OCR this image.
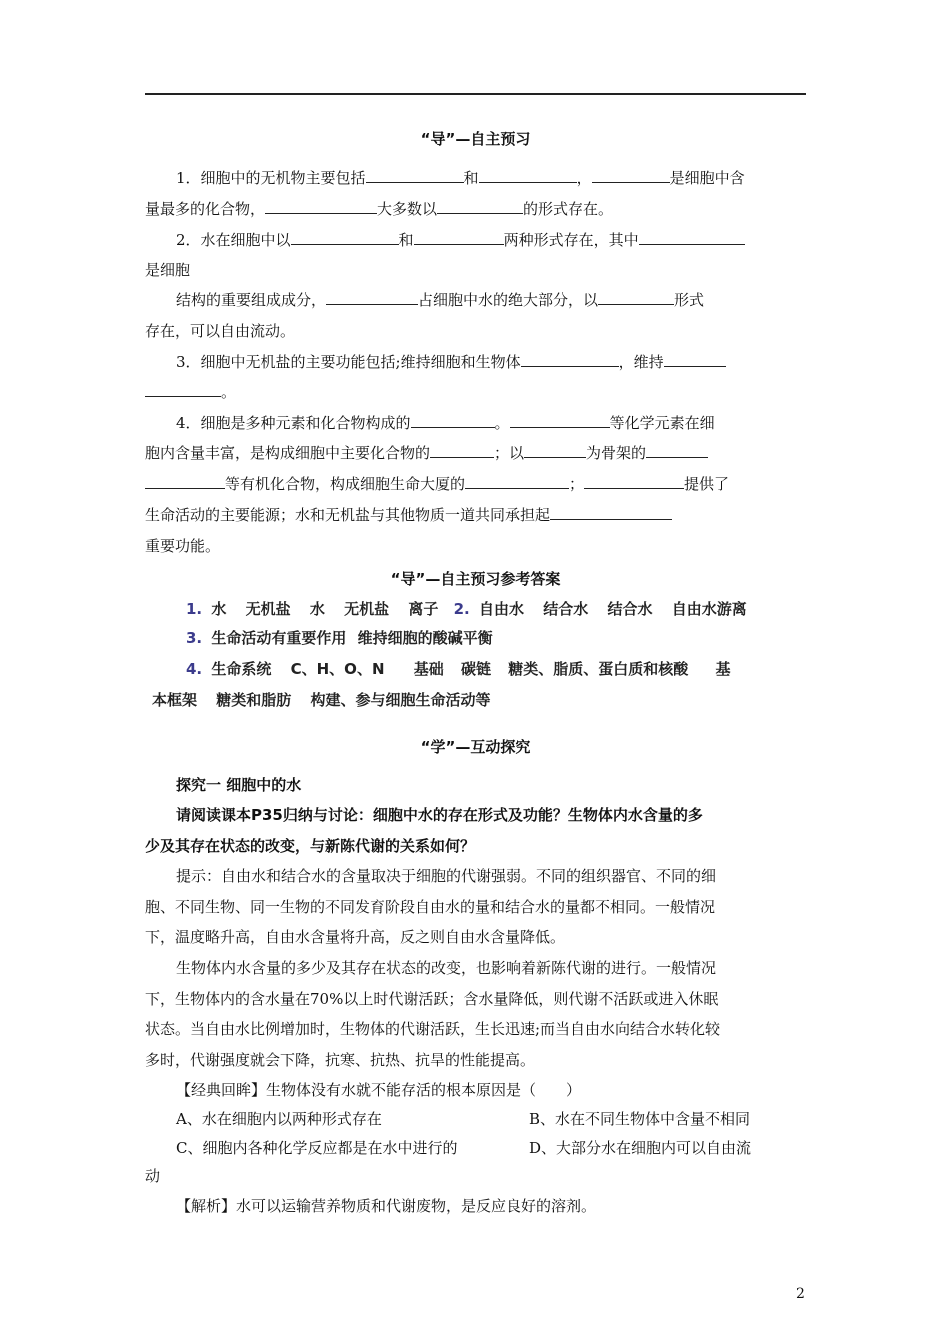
“导”—自主预习
1．细胞中的无机物主要包括	和	，	是细胞中含
量最多的化合物，	大多数以	的形式存在。
2．水在细胞中以	和	两种形式存在，其中
是细胞
结构的重要组成成分，	占细胞中水的绝大部分，以	形式
存在，可以自由流动。
3．细胞中无机盐的主要功能包括;维持细胞和生物体	，维持
。
4．细胞是多种元素和化合物构成的	。	等化学元素在细
胞内含量丰富，是构成细胞中主要化合物的	；以	为骨架的
等有机化合物，构成细胞生命大厦的	；	提供了
生命活动的主要能源；水和无机盐与其他物质一道共同承担起
重要功能。
“导”—自主预习参考答案
1. 水 无机盐 水 无机盐 离子 2. 自由水 结合水 结合水 自由水游离
3. 生命活动有重要作用 维持细胞的酸碱平衡
4. 生命系统 C、H、O、N 基础 碳链 糖类、脂质、蛋白质和核酸 基
本框架 糖类和脂肪 构建、参与细胞生命活动等
“学”—互动探究
探究一 细胞中的水
请阅读课本P35归纳与讨论：细胞中水的存在形式及功能？生物体内水含量的多
少及其存在状态的改变，与新陈代谢的关系如何？
提示：自由水和结合水的含量取决于细胞的代谢强弱。不同的组织器官、不同的细
胞、不同生物、同一生物的不同发育阶段自由水的量和结合水的量都不相同。一般情况
下，温度略升高，自由水含量将升高，反之则自由水含量降低。
生物体内水含量的多少及其存在状态的改变，也影响着新陈代谢的进行。一般情况
下，生物体内的含水量在70%以上时代谢活跃；含水量降低，则代谢不活跃或进入休眠
状态。当自由水比例增加时，生物体的代谢活跃，生长迅速;而当自由水向结合水转化较
多时，代谢强度就会下降，抗寒、抗热、抗旱的性能提高。
【经典回眸】生物体没有水就不能存活的根本原因是（　　）
A、水在细胞内以两种形式存在	B、水在不同生物体中含量不相同
C、细胞内各种化学反应都是在水中进行的	D、大部分水在细胞内可以自由流
动
【解析】水可以运输营养物质和代谢废物，是反应良好的溶剂。
2
